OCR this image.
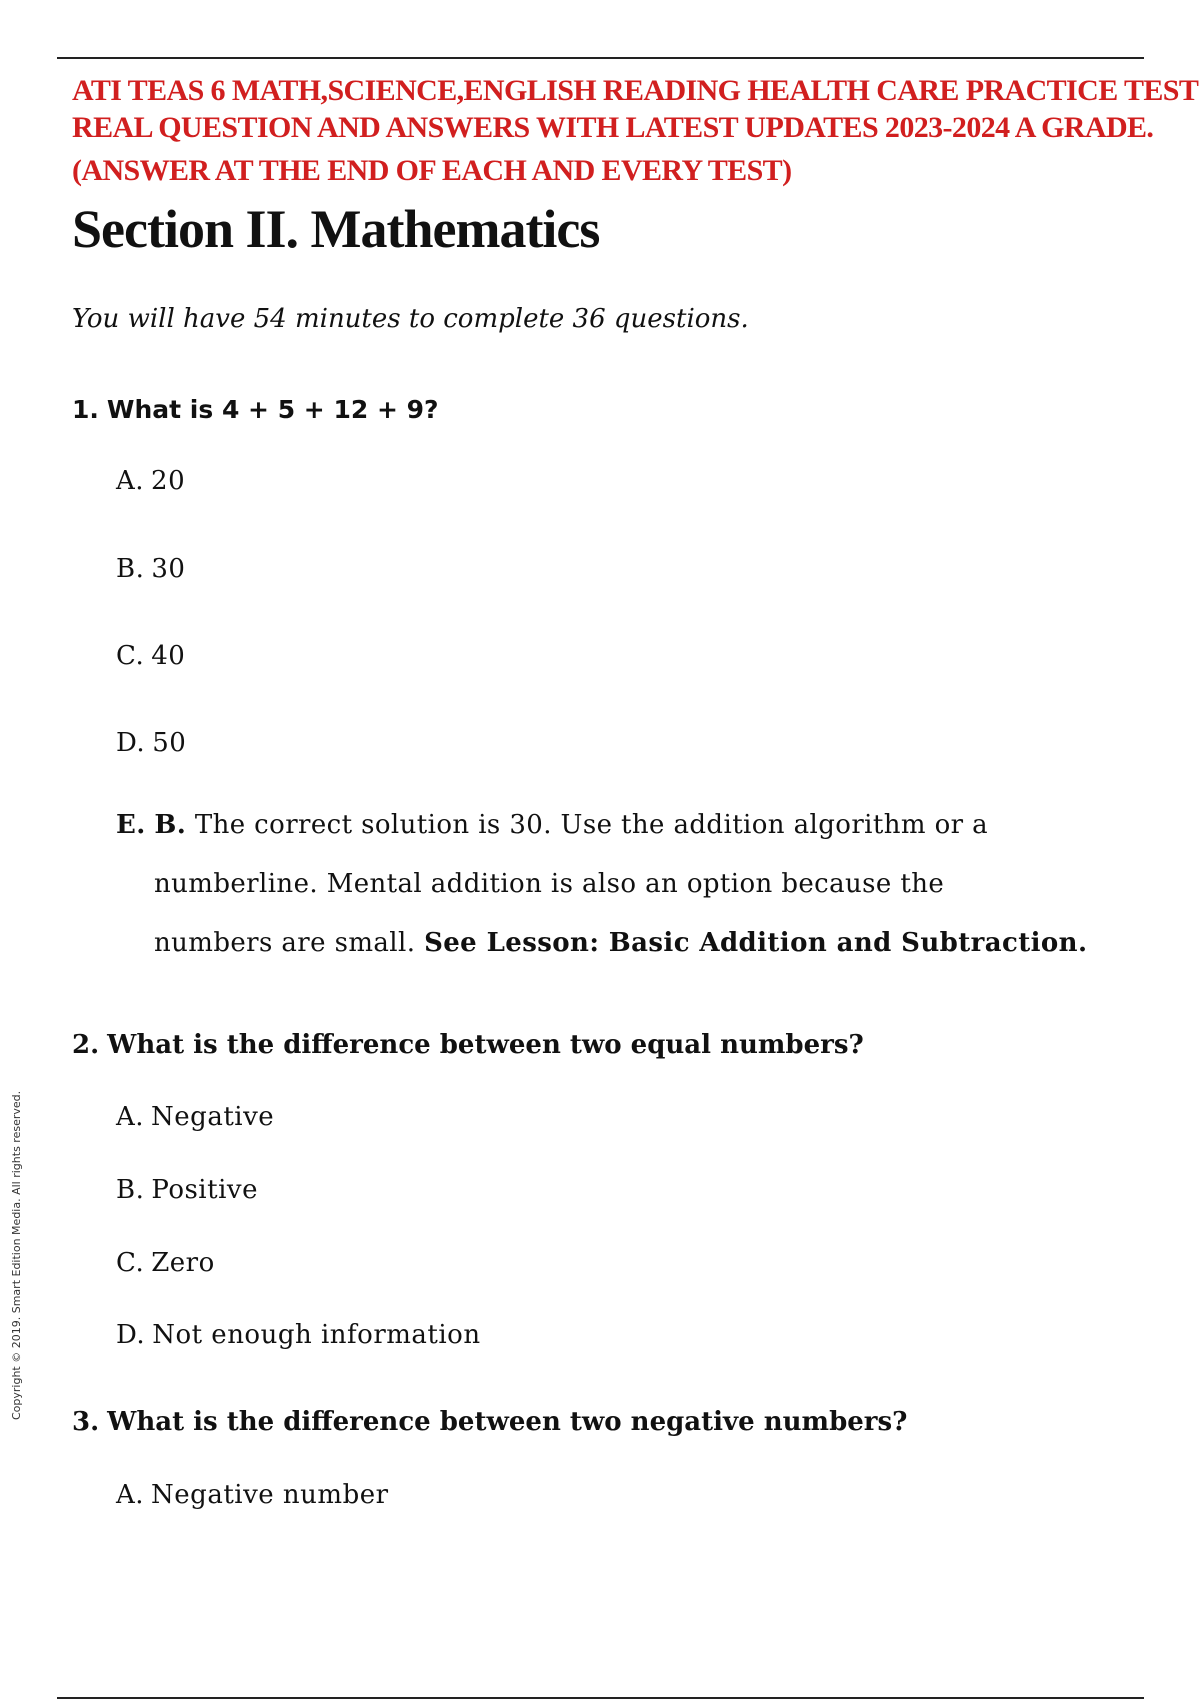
ATI TEAS 6 MATH,SCIENCE,ENGLISH READING HEALTH CARE PRACTICE TEST
REAL QUESTION AND ANSWERS WITH LATEST UPDATES 2023-2024 A GRADE.
(ANSWER AT THE END OF EACH AND EVERY TEST)
Section II. Mathematics
You will have 54 minutes to complete 36 questions.
1. What is 4 + 5 + 12 + 9?
A. 20
B. 30
C. 40
D. 50
E. B. The correct solution is 30. Use the addition algorithm or a
numberline. Mental addition is also an option because the
numbers are small. See Lesson: Basic Addition and Subtraction.
2. What is the difference between two equal numbers?
A. Negative
B. Positive
C. Zero
D. Not enough information
3. What is the difference between two negative numbers?
A. Negative number
Copyright © 2019. Smart Edition Media. All rights reserved.
